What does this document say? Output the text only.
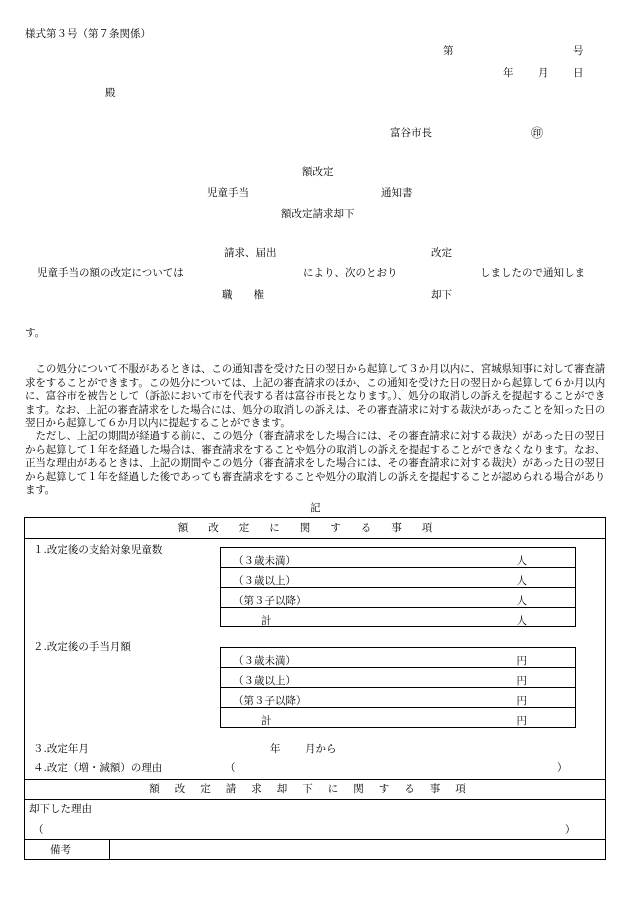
様式第３号（第７条関係）
第	号
年 月 日
殿
富谷市長	㊞
額改定
児童手当	通知書
額改定請求却下
請求、届出	改定
児童手当の額の改定については	により、次のとおり	しましたので通知しま
職　　権	却下
す。
この処分について不服があるときは、この通知書を受けた日の翌日から起算して３か月以内に、宮城県知事に対して審査請求をすることができます。この処分については、上記の審査請求のほか、この通知を受けた日の翌日から起算して６か月以内に、富谷市を被告として（訴訟において市を代表する者は富谷市長となります。）、処分の取消しの訴えを提起することができます。なお、上記の審査請求をした場合には、処分の取消しの訴えは、その審査請求に対する裁決があったことを知った日の翌日から起算して６か月以内に提起することができます。
ただし、上記の期間が経過する前に、この処分（審査請求をした場合には、その審査請求に対する裁決）があった日の翌日から起算して１年を経過した場合は、審査請求をすることや処分の取消しの訴えを提起することができなくなります。なお、正当な理由があるときは、上記の期間やこの処分（審査請求をした場合には、その審査請求に対する裁決）があった日の翌日から起算して１年を経過した後であっても審査請求をすることや処分の取消しの訴えを提起することが認められる場合があります。
記
額改定に関する事項
１.改定後の支給対象児童数
（３歳未満）	人
（３歳以上）	人
（第３子以降）	人
計	人
２.改定後の手当月額
（３歳未満）	円
（３歳以上）	円
（第３子以降）	円
計	円
３.改定年月	年 月から
４.改定（増・減額）の理由	（	）
額改定請求却下に関する事項
却下した理由
（	）
備考
